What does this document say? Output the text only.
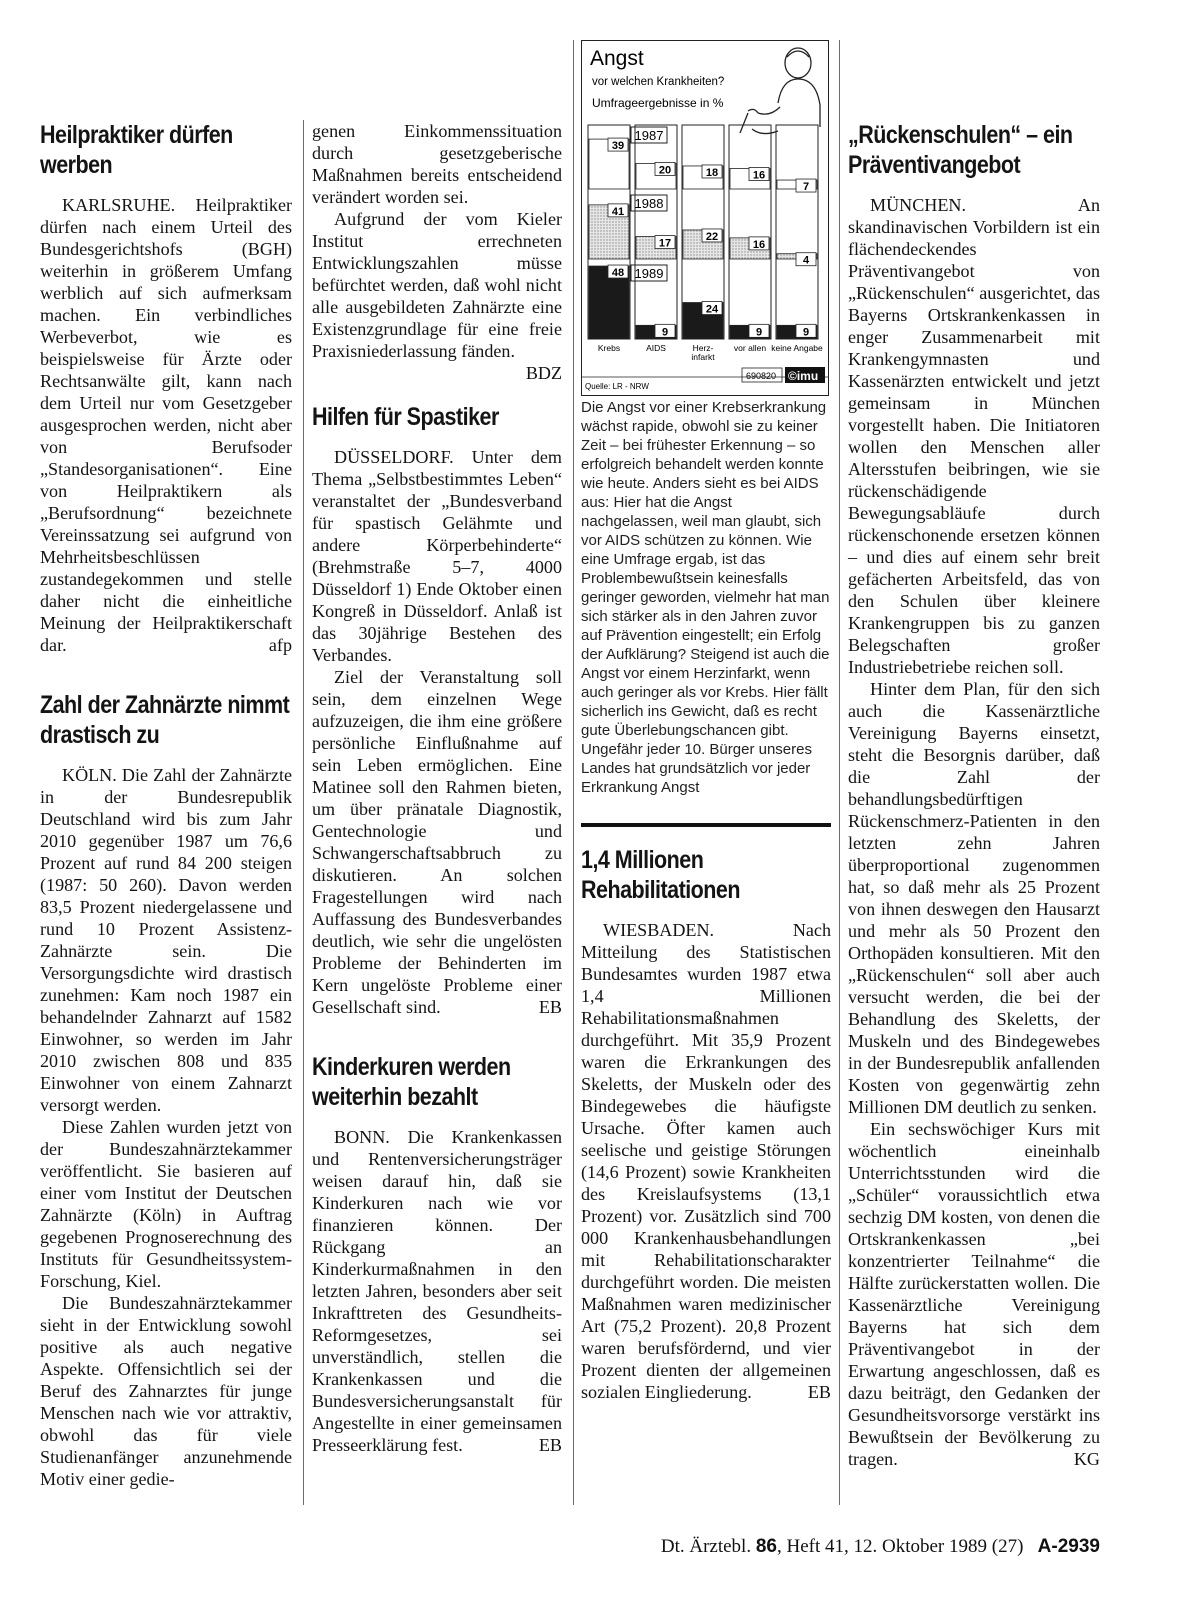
Heilpraktiker dürfen werben

KARLSRUHE. Heilpraktiker dürfen nach einem Urteil des Bundesgerichtshofs (BGH) weiterhin in größerem Umfang werblich auf sich aufmerksam machen. Ein verbindliches Werbeverbot, wie es beispielsweise für Ärzte oder Rechtsanwälte gilt, kann nach dem Urteil nur vom Gesetzgeber ausgesprochen werden, nicht aber von Berufsoder „Standesorganisationen“. Eine von Heilpraktikern als „Berufsordnung“ bezeichnete Vereinssatzung sei aufgrund von Mehrheitsbeschlüssen zustandegekommen und stelle daher nicht die einheitliche Meinung der Heilpraktikerschaft dar.	afp

Zahl der Zahnärzte nimmt drastisch zu

KÖLN. Die Zahl der Zahnärzte in der Bundesrepublik Deutschland wird bis zum Jahr 2010 gegenüber 1987 um 76,6 Prozent auf rund 84 200 steigen (1987: 50 260). Davon werden 83,5 Prozent niedergelassene und rund 10 Prozent Assistenz-Zahnärzte sein. Die Versorgungsdichte wird drastisch zunehmen: Kam noch 1987 ein behandelnder Zahnarzt auf 1582 Einwohner, so werden im Jahr 2010 zwischen 808 und 835 Einwohner von einem Zahnarzt versorgt werden.

Diese Zahlen wurden jetzt von der Bundeszahnärztekammer veröffentlicht. Sie basieren auf einer vom Institut der Deutschen Zahnärzte (Köln) in Auftrag gegebenen Prognoserechnung des Instituts für Gesundheitssystem-Forschung, Kiel.

Die Bundeszahnärztekammer sieht in der Entwicklung sowohl positive als auch negative Aspekte. Offensichtlich sei der Beruf des Zahnarztes für junge Menschen nach wie vor attraktiv, obwohl das für viele Studienanfänger anzunehmende Motiv einer gedie-

genen Einkommenssituation durch gesetzgeberische Maßnahmen bereits entscheidend verändert worden sei.

Aufgrund der vom Kieler Institut errechneten Entwicklungszahlen müsse befürchtet werden, daß wohl nicht alle ausgebildeten Zahnärzte eine Existenzgrundlage für eine freie Praxisniederlassung fänden.
BDZ

Hilfen für Spastiker

DÜSSELDORF. Unter dem Thema „Selbstbestimmtes Leben“ veranstaltet der „Bundesverband für spastisch Gelähmte und andere Körperbehinderte“ (Brehmstraße 5–7, 4000 Düsseldorf 1) Ende Oktober einen Kongreß in Düsseldorf. Anlaß ist das 30jährige Bestehen des Verbandes.

Ziel der Veranstaltung soll sein, dem einzelnen Wege aufzuzeigen, die ihm eine größere persönliche Einflußnahme auf sein Leben ermöglichen. Eine Matinee soll den Rahmen bieten, um über pränatale Diagnostik, Gentechnologie und Schwangerschaftsabbruch zu diskutieren. An solchen Fragestellungen wird nach Auffassung des Bundesverbandes deutlich, wie sehr die ungelösten Probleme der Behinderten im Kern ungelöste Probleme einer Gesellschaft sind.	EB

Kinderkuren werden weiterhin bezahlt

BONN. Die Krankenkassen und Rentenversicherungsträger weisen darauf hin, daß sie Kinderkuren nach wie vor finanzieren können. Der Rückgang an Kinderkurmaßnahmen in den letzten Jahren, besonders aber seit Inkrafttreten des Gesundheits-Reformgesetzes, sei unverständlich, stellen die Krankenkassen und die Bundesversicherungsanstalt für Angestellte in einer gemeinsamen Presseerklärung fest.	EB

Angst
vor welchen Krankheiten?
Umfrageergebnisse in %
39
1987
41
1988
48 1989
Krebs
20
17
9
AIDS
18
22
24
Herz-
infarkt
16
16
9
vor allen
7
4
9
keine Angabe
Quelle: LR - NRW
690820 ©imu

Die Angst vor einer Krebserkrankung wächst rapide, obwohl sie zu keiner Zeit – bei frühester Erkennung – so erfolgreich behandelt werden konnte wie heute. Anders sieht es bei AIDS aus: Hier hat die Angst nachgelassen, weil man glaubt, sich vor AIDS schützen zu können. Wie eine Umfrage ergab, ist das Problembewußtsein keinesfalls geringer geworden, vielmehr hat man sich stärker als in den Jahren zuvor auf Prävention eingestellt; ein Erfolg der Aufklärung? Steigend ist auch die Angst vor einem Herzinfarkt, wenn auch geringer als vor Krebs. Hier fällt sicherlich ins Gewicht, daß es recht gute Überlebungschancen gibt. Ungefähr jeder 10. Bürger unseres Landes hat grundsätzlich vor jeder Erkrankung Angst

1,4 Millionen Rehabilitationen

WIESBADEN. Nach Mitteilung des Statistischen Bundesamtes wurden 1987 etwa 1,4 Millionen Rehabilitationsmaßnahmen durchgeführt. Mit 35,9 Prozent waren die Erkrankungen des Skeletts, der Muskeln oder des Bindegewebes die häufigste Ursache. Öfter kamen auch seelische und geistige Störungen (14,6 Prozent) sowie Krankheiten des Kreislaufsystems (13,1 Prozent) vor. Zusätzlich sind 700 000 Krankenhausbehandlungen mit Rehabilitationscharakter durchgeführt worden. Die meisten Maßnahmen waren medizinischer Art (75,2 Prozent). 20,8 Prozent waren berufsfördernd, und vier Prozent dienten der allgemeinen sozialen Eingliederung.	EB

„Rückenschulen“ – ein Präventivangebot

MÜNCHEN. An skandinavischen Vorbildern ist ein flächendeckendes Präventivangebot von „Rückenschulen“ ausgerichtet, das Bayerns Ortskrankenkassen in enger Zusammenarbeit mit Krankengymnasten und Kassenärzten entwickelt und jetzt gemeinsam in München vorgestellt haben. Die Initiatoren wollen den Menschen aller Altersstufen beibringen, wie sie rückenschädigende Bewegungsabläufe durch rückenschonende ersetzen können – und dies auf einem sehr breit gefächerten Arbeitsfeld, das von den Schulen über kleinere Krankengruppen bis zu ganzen Belegschaften großer Industriebetriebe reichen soll.

Hinter dem Plan, für den sich auch die Kassenärztliche Vereinigung Bayerns einsetzt, steht die Besorgnis darüber, daß die Zahl der behandlungsbedürftigen Rückenschmerz-Patienten in den letzten zehn Jahren überproportional zugenommen hat, so daß mehr als 25 Prozent von ihnen deswegen den Hausarzt und mehr als 50 Prozent den Orthopäden konsultieren. Mit den „Rückenschulen“ soll aber auch versucht werden, die bei der Behandlung des Skeletts, der Muskeln und des Bindegewebes in der Bundesrepublik anfallenden Kosten von gegenwärtig zehn Millionen DM deutlich zu senken.

Ein sechswöchiger Kurs mit wöchentlich eineinhalb Unterrichtsstunden wird die „Schüler“ voraussichtlich etwa sechzig DM kosten, von denen die Ortskrankenkassen „bei konzentrierter Teilnahme“ die Hälfte zurückerstatten wollen. Die Kassenärztliche Vereinigung Bayerns hat sich dem Präventivangebot in der Erwartung angeschlossen, daß es dazu beiträgt, den Gedanken der Gesundheitsvorsorge verstärkt ins Bewußtsein der Bevölkerung zu tragen.	KG

Dt. Ärztebl. 86, Heft 41, 12. Oktober 1989 (27) A-2939
